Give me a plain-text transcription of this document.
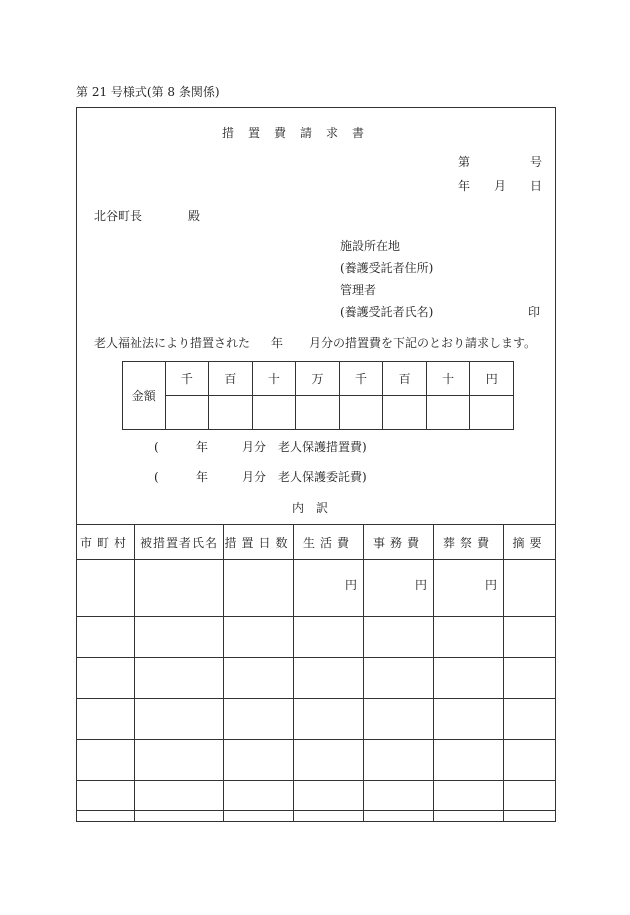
第 21 号様式(第 8 条関係)
措　置　費　請　求　書
第	号
年 月 日
北谷町長	殿
施設所在地
(養護受託者住所)
管理者
(養護受託者氏名)	印
老人福祉法により措置された 年 月分の措置費を下記のとおり請求します。
金額	千	百	十	万	千	百	十	円

(	年	月分 老人保護措置費)
(	年	月分 老人保護委託費)
内　訳
市町村	被措置者氏名	措置日数	生活費	事務費	葬祭費	摘要
			円	円	円	
